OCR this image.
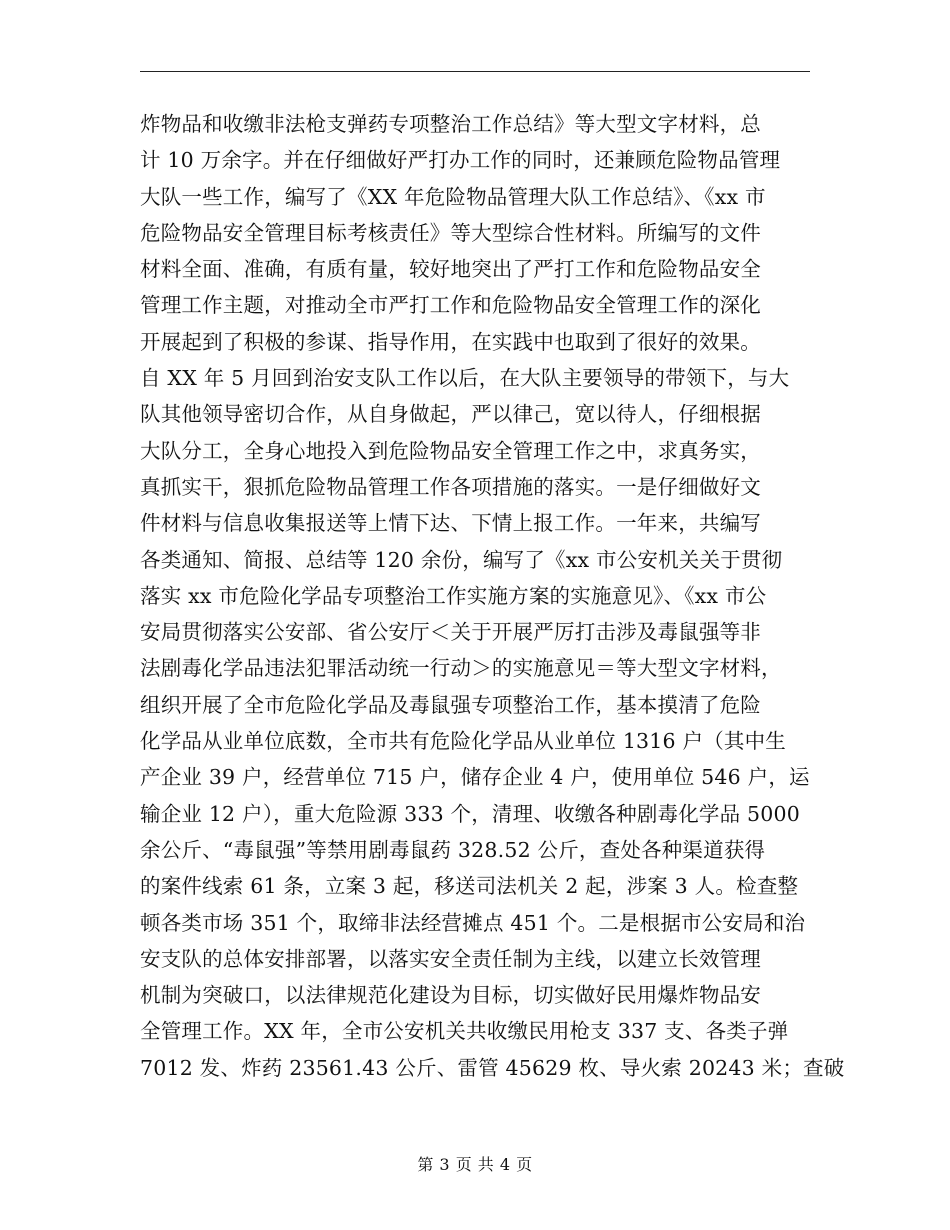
炸物品和收缴非法枪支弹药专项整治工作总结》等大型文字材料，总
计 10 万余字。并在仔细做好严打办工作的同时，还兼顾危险物品管理
大队一些工作，编写了《XX 年危险物品管理大队工作总结》、《xx 市
危险物品安全管理目标考核责任》等大型综合性材料。所编写的文件
材料全面、准确，有质有量，较好地突出了严打工作和危险物品安全
管理工作主题，对推动全市严打工作和危险物品安全管理工作的深化
开展起到了积极的参谋、指导作用，在实践中也取到了很好的效果。
自 XX 年 5 月回到治安支队工作以后，在大队主要领导的带领下，与大
队其他领导密切合作，从自身做起，严以律己，宽以待人，仔细根据
大队分工，全身心地投入到危险物品安全管理工作之中，求真务实，
真抓实干，狠抓危险物品管理工作各项措施的落实。一是仔细做好文
件材料与信息收集报送等上情下达、下情上报工作。一年来，共编写
各类通知、简报、总结等 120 余份，编写了《xx 市公安机关关于贯彻
落实 xx 市危险化学品专项整治工作实施方案的实施意见》、《xx 市公
安局贯彻落实公安部、省公安厅＜关于开展严厉打击涉及毒鼠强等非
法剧毒化学品违法犯罪活动统一行动＞的实施意见＝等大型文字材料，
组织开展了全市危险化学品及毒鼠强专项整治工作，基本摸清了危险
化学品从业单位底数，全市共有危险化学品从业单位 1316 户（其中生
产企业 39 户，经营单位 715 户，储存企业 4 户，使用单位 546 户，运
输企业 12 户），重大危险源 333 个，清理、收缴各种剧毒化学品 5000
余公斤、“毒鼠强”等禁用剧毒鼠药 328.52 公斤，查处各种渠道获得
的案件线索 61 条，立案 3 起，移送司法机关 2 起，涉案 3 人。检查整
顿各类市场 351 个，取缔非法经营摊点 451 个。二是根据市公安局和治
安支队的总体安排部署，以落实安全责任制为主线，以建立长效管理
机制为突破口，以法律规范化建设为目标，切实做好民用爆炸物品安
全管理工作。XX 年，全市公安机关共收缴民用枪支 337 支、各类子弹
7012 发、炸药 23561.43 公斤、雷管 45629 枚、导火索 20243 米；查破
第 3 页 共 4 页
